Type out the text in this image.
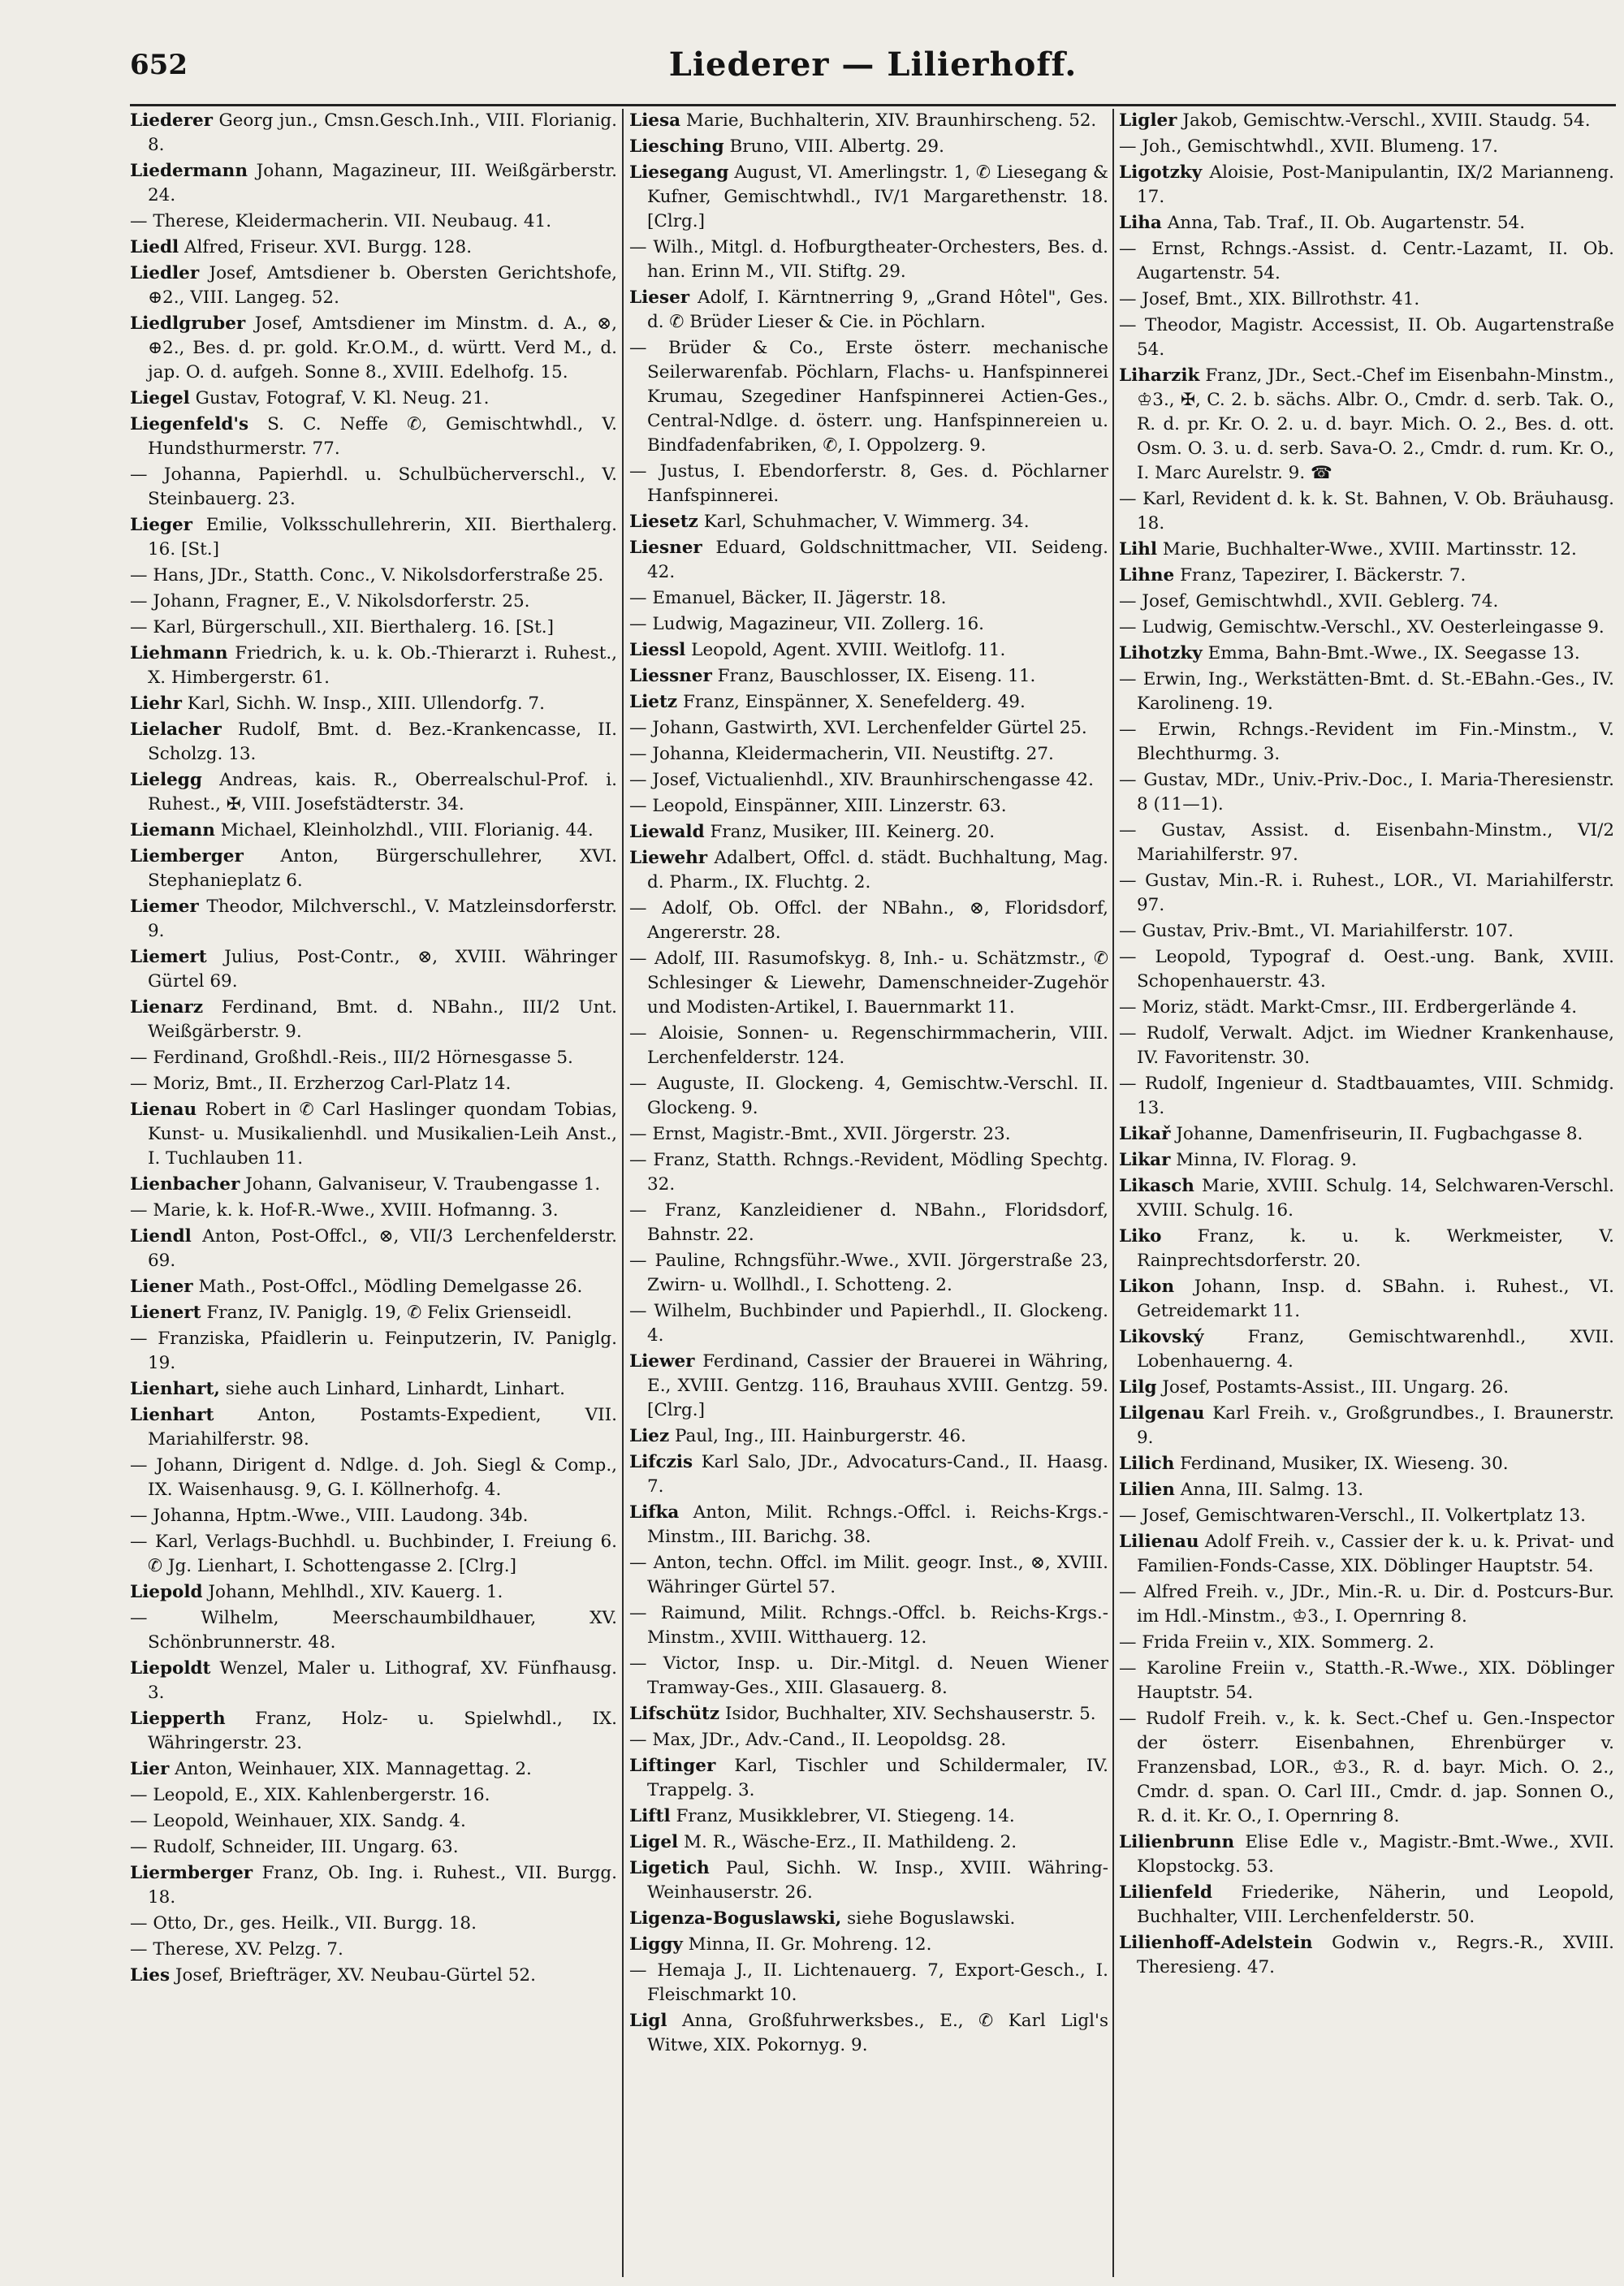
652	Liederer — Lilierhoff.

Liederer Georg jun., Cmsn.Gesch.Inh., VIII. Florianig. 8.

Liedermann Johann, Magazineur, III. Weißgärberstr. 24.

— Therese, Kleidermacherin. VII. Neubaug. 41.

Liedl Alfred, Friseur. XVI. Burgg. 128.

Liedler Josef, Amtsdiener b. Obersten Gerichtshofe, ⊕2., VIII. Langeg. 52.

Liedlgruber Josef, Amtsdiener im Minstm. d. A., ⊗, ⊕2., Bes. d. pr. gold. Kr.O.M., d. württ. Verd M., d. jap. O. d. aufgeh. Sonne 8., XVIII. Edelhofg. 15.

Liegel Gustav, Fotograf, V. Kl. Neug. 21.

Liegenfeld's S. C. Neffe ✆, Gemischtwhdl., V. Hundsthurmerstr. 77.

— Johanna, Papierhdl. u. Schulbücherverschl., V. Steinbauerg. 23.

Lieger Emilie, Volksschullehrerin, XII. Bierthalerg. 16. [St.]

— Hans, JDr., Statth. Conc., V. Nikolsdorferstraße 25.

— Johann, Fragner, E., V. Nikolsdorferstr. 25.

— Karl, Bürgerschull., XII. Bierthalerg. 16. [St.]

Liehmann Friedrich, k. u. k. Ob.-Thierarzt i. Ruhest., X. Himbergerstr. 61.

Liehr Karl, Sichh. W. Insp., XIII. Ullendorfg. 7.

Lielacher Rudolf, Bmt. d. Bez.-Krankencasse, II. Scholzg. 13.

Lielegg Andreas, kais. R., Oberrealschul-Prof. i. Ruhest., ✠, VIII. Josefstädterstr. 34.

Liemann Michael, Kleinholzhdl., VIII. Florianig. 44.

Liemberger Anton, Bürgerschullehrer, XVI. Stephanieplatz 6.

Liemer Theodor, Milchverschl., V. Matzleinsdorferstr. 9.

Liemert Julius, Post-Contr., ⊗, XVIII. Währinger Gürtel 69.

Lienarz Ferdinand, Bmt. d. NBahn., III/2 Unt. Weißgärberstr. 9.

— Ferdinand, Großhdl.-Reis., III/2 Hörnesgasse 5.

— Moriz, Bmt., II. Erzherzog Carl-Platz 14.

Lienau Robert in ✆ Carl Haslinger quondam Tobias, Kunst- u. Musikalienhdl. und Musikalien-Leih Anst., I. Tuchlauben 11.

Lienbacher Johann, Galvaniseur, V. Traubengasse 1.

— Marie, k. k. Hof-R.-Wwe., XVIII. Hofmanng. 3.

Liendl Anton, Post-Offcl., ⊗, VII/3 Lerchenfelderstr. 69.

Liener Math., Post-Offcl., Mödling Demelgasse 26.

Lienert Franz, IV. Paniglg. 19, ✆ Felix Grienseidl.

— Franziska, Pfaidlerin u. Feinputzerin, IV. Paniglg. 19.

Lienhart, siehe auch Linhard, Linhardt, Linhart.

Lienhart Anton, Postamts-Expedient, VII. Mariahilferstr. 98.

— Johann, Dirigent d. Ndlge. d. Joh. Siegl & Comp., IX. Waisenhausg. 9, G. I. Köllnerhofg. 4.

— Johanna, Hptm.-Wwe., VIII. Laudong. 34b.

— Karl, Verlags-Buchhdl. u. Buchbinder, I. Freiung 6. ✆ Jg. Lienhart, I. Schottengasse 2. [Clrg.]

Liepold Johann, Mehlhdl., XIV. Kauerg. 1.

— Wilhelm, Meerschaumbildhauer, XV. Schönbrunnerstr. 48.

Liepoldt Wenzel, Maler u. Lithograf, XV. Fünfhausg. 3.

Liepperth Franz, Holz- u. Spielwhdl., IX. Währingerstr. 23.

Lier Anton, Weinhauer, XIX. Mannagettag. 2.

— Leopold, E., XIX. Kahlenbergerstr. 16.

— Leopold, Weinhauer, XIX. Sandg. 4.

— Rudolf, Schneider, III. Ungarg. 63.

Liermberger Franz, Ob. Ing. i. Ruhest., VII. Burgg. 18.

— Otto, Dr., ges. Heilk., VII. Burgg. 18.

— Therese, XV. Pelzg. 7.

Lies Josef, Briefträger, XV. Neubau-Gürtel 52.

Liesa Marie, Buchhalterin, XIV. Braunhirscheng. 52.

Liesching Bruno, VIII. Albertg. 29.

Liesegang August, VI. Amerlingstr. 1, ✆ Liesegang & Kufner, Gemischtwhdl., IV/1 Margarethenstr. 18. [Clrg.]

— Wilh., Mitgl. d. Hofburgtheater-Orchesters, Bes. d. han. Erinn M., VII. Stiftg. 29.

Lieser Adolf, I. Kärntnerring 9, „Grand Hôtel", Ges. d. ✆ Brüder Lieser & Cie. in Pöchlarn.

— Brüder & Co., Erste österr. mechanische Seilerwarenfab. Pöchlarn, Flachs- u. Hanfspinnerei Krumau, Szegediner Hanfspinnerei Actien-Ges., Central-Ndlge. d. österr. ung. Hanfspinnereien u. Bindfadenfabriken, ✆, I. Oppolzerg. 9.

— Justus, I. Ebendorferstr. 8, Ges. d. Pöchlarner Hanfspinnerei.

Liesetz Karl, Schuhmacher, V. Wimmerg. 34.

Liesner Eduard, Goldschnittmacher, VII. Seideng. 42.

— Emanuel, Bäcker, II. Jägerstr. 18.

— Ludwig, Magazineur, VII. Zollerg. 16.

Liessl Leopold, Agent. XVIII. Weitlofg. 11.

Liessner Franz, Bauschlosser, IX. Eiseng. 11.

Lietz Franz, Einspänner, X. Senefelderg. 49.

— Johann, Gastwirth, XVI. Lerchenfelder Gürtel 25.

— Johanna, Kleidermacherin, VII. Neustiftg. 27.

— Josef, Victualienhdl., XIV. Braunhirschengasse 42.

— Leopold, Einspänner, XIII. Linzerstr. 63.

Liewald Franz, Musiker, III. Keinerg. 20.

Liewehr Adalbert, Offcl. d. städt. Buchhaltung, Mag. d. Pharm., IX. Fluchtg. 2.

— Adolf, Ob. Offcl. der NBahn., ⊗, Floridsdorf, Angererstr. 28.

— Adolf, III. Rasumofskyg. 8, Inh.- u. Schätzmstr., ✆ Schlesinger & Liewehr, Damenschneider-Zugehör und Modisten-Artikel, I. Bauernmarkt 11.

— Aloisie, Sonnen- u. Regenschirmmacherin, VIII. Lerchenfelderstr. 124.

— Auguste, II. Glockeng. 4, Gemischtw.-Verschl. II. Glockeng. 9.

— Ernst, Magistr.-Bmt., XVII. Jörgerstr. 23.

— Franz, Statth. Rchngs.-Revident, Mödling Spechtg. 32.

— Franz, Kanzleidiener d. NBahn., Floridsdorf, Bahnstr. 22.

— Pauline, Rchngsführ.-Wwe., XVII. Jörgerstraße 23, Zwirn- u. Wollhdl., I. Schotteng. 2.

— Wilhelm, Buchbinder und Papierhdl., II. Glockeng. 4.

Liewer Ferdinand, Cassier der Brauerei in Währing, E., XVIII. Gentzg. 116, Brauhaus XVIII. Gentzg. 59. [Clrg.]

Liez Paul, Ing., III. Hainburgerstr. 46.

Lifczis Karl Salo, JDr., Advocaturs-Cand., II. Haasg. 7.

Lifka Anton, Milit. Rchngs.-Offcl. i. Reichs-Krgs.-Minstm., III. Barichg. 38.

— Anton, techn. Offcl. im Milit. geogr. Inst., ⊗, XVIII. Währinger Gürtel 57.

— Raimund, Milit. Rchngs.-Offcl. b. Reichs-Krgs.-Minstm., XVIII. Witthauerg. 12.

— Victor, Insp. u. Dir.-Mitgl. d. Neuen Wiener Tramway-Ges., XIII. Glasauerg. 8.

Lifschütz Isidor, Buchhalter, XIV. Sechshauserstr. 5.

— Max, JDr., Adv.-Cand., II. Leopoldsg. 28.

Liftinger Karl, Tischler und Schildermaler, IV. Trappelg. 3.

Liftl Franz, Musikklebrer, VI. Stiegeng. 14.

Ligel M. R., Wäsche-Erz., II. Mathildeng. 2.

Ligetich Paul, Sichh. W. Insp., XVIII. Währing-Weinhauserstr. 26.

Ligenza-Boguslawski, siehe Boguslawski.

Liggy Minna, II. Gr. Mohreng. 12.

— Hemaja J., II. Lichtenauerg. 7, Export-Gesch., I. Fleischmarkt 10.

Ligl Anna, Großfuhrwerksbes., E., ✆ Karl Ligl's Witwe, XIX. Pokornyg. 9.

Ligler Jakob, Gemischtw.-Verschl., XVIII. Staudg. 54.

— Joh., Gemischtwhdl., XVII. Blumeng. 17.

Ligotzky Aloisie, Post-Manipulantin, IX/2 Marianneng. 17.

Liha Anna, Tab. Traf., II. Ob. Augartenstr. 54.

— Ernst, Rchngs.-Assist. d. Centr.-Lazamt, II. Ob. Augartenstr. 54.

— Josef, Bmt., XIX. Billrothstr. 41.

— Theodor, Magistr. Accessist, II. Ob. Augartenstraße 54.

Liharzik Franz, JDr., Sect.-Chef im Eisenbahn-Minstm., ♔3., ✠, C. 2. b. sächs. Albr. O., Cmdr. d. serb. Tak. O., R. d. pr. Kr. O. 2. u. d. bayr. Mich. O. 2., Bes. d. ott. Osm. O. 3. u. d. serb. Sava-O. 2., Cmdr. d. rum. Kr. O., I. Marc Aurelstr. 9. ☎

— Karl, Revident d. k. k. St. Bahnen, V. Ob. Bräuhausg. 18.

Lihl Marie, Buchhalter-Wwe., XVIII. Martinsstr. 12.

Lihne Franz, Tapezirer, I. Bäckerstr. 7.

— Josef, Gemischtwhdl., XVII. Geblerg. 74.

— Ludwig, Gemischtw.-Verschl., XV. Oesterleingasse 9.

Lihotzky Emma, Bahn-Bmt.-Wwe., IX. Seegasse 13.

— Erwin, Ing., Werkstätten-Bmt. d. St.-EBahn.-Ges., IV. Karolineng. 19.

— Erwin, Rchngs.-Revident im Fin.-Minstm., V. Blechthurmg. 3.

— Gustav, MDr., Univ.-Priv.-Doc., I. Maria-Theresienstr. 8 (11—1).

— Gustav, Assist. d. Eisenbahn-Minstm., VI/2 Mariahilferstr. 97.

— Gustav, Min.-R. i. Ruhest., LOR., VI. Mariahilferstr. 97.

— Gustav, Priv.-Bmt., VI. Mariahilferstr. 107.

— Leopold, Typograf d. Oest.-ung. Bank, XVIII. Schopenhauerstr. 43.

— Moriz, städt. Markt-Cmsr., III. Erdbergerlände 4.

— Rudolf, Verwalt. Adjct. im Wiedner Krankenhause, IV. Favoritenstr. 30.

— Rudolf, Ingenieur d. Stadtbauamtes, VIII. Schmidg. 13.

Likař Johanne, Damenfriseurin, II. Fugbachgasse 8.

Likar Minna, IV. Florag. 9.

Likasch Marie, XVIII. Schulg. 14, Selchwaren-Verschl. XVIII. Schulg. 16.

Liko Franz, k. u. k. Werkmeister, V. Rainprechtsdorferstr. 20.

Likon Johann, Insp. d. SBahn. i. Ruhest., VI. Getreidemarkt 11.

Likovský Franz, Gemischtwarenhdl., XVII. Lobenhauerng. 4.

Lilg Josef, Postamts-Assist., III. Ungarg. 26.

Lilgenau Karl Freih. v., Großgrundbes., I. Braunerstr. 9.

Lilich Ferdinand, Musiker, IX. Wieseng. 30.

Lilien Anna, III. Salmg. 13.

— Josef, Gemischtwaren-Verschl., II. Volkertplatz 13.

Lilienau Adolf Freih. v., Cassier der k. u. k. Privat- und Familien-Fonds-Casse, XIX. Döblinger Hauptstr. 54.

— Alfred Freih. v., JDr., Min.-R. u. Dir. d. Postcurs-Bur. im Hdl.-Minstm., ♔3., I. Opernring 8.

— Frida Freiin v., XIX. Sommerg. 2.

— Karoline Freiin v., Statth.-R.-Wwe., XIX. Döblinger Hauptstr. 54.

— Rudolf Freih. v., k. k. Sect.-Chef u. Gen.-Inspector der österr. Eisenbahnen, Ehrenbürger v. Franzensbad, LOR., ♔3., R. d. bayr. Mich. O. 2., Cmdr. d. span. O. Carl III., Cmdr. d. jap. Sonnen O., R. d. it. Kr. O., I. Opernring 8.

Lilienbrunn Elise Edle v., Magistr.-Bmt.-Wwe., XVII. Klopstockg. 53.

Lilienfeld Friederike, Näherin, und Leopold, Buchhalter, VIII. Lerchenfelderstr. 50.

Lilienhoff-Adelstein Godwin v., Regrs.-R., XVIII. Theresieng. 47.
